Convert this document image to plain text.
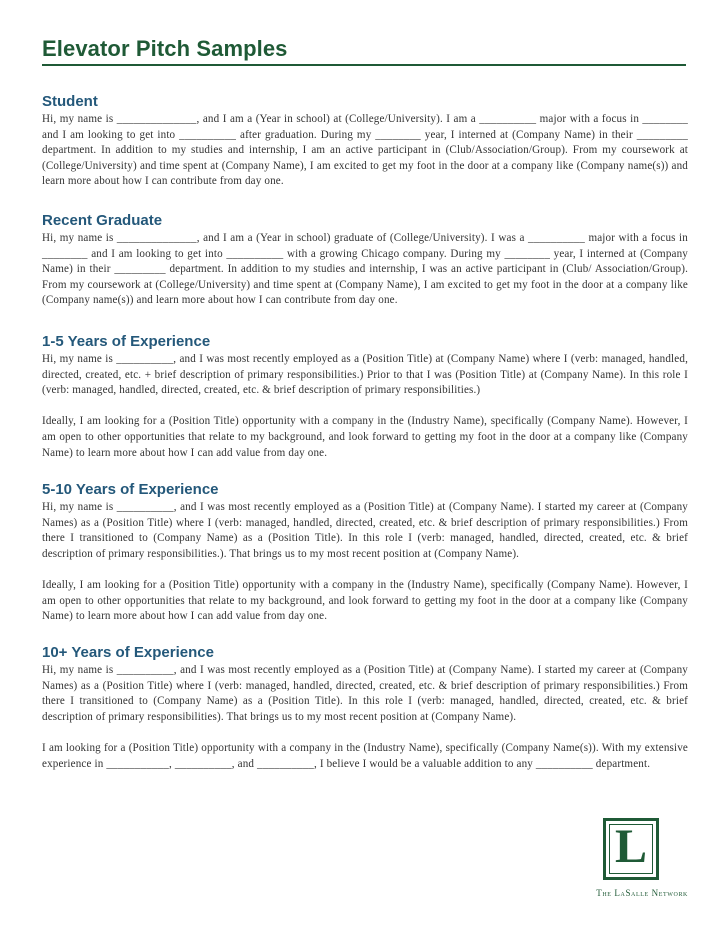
Elevator Pitch Samples
Student

Hi, my name is ______________, and I am a (Year in school) at (College/University). I am a __________ major with a focus in ________ and I am looking to get into __________ after graduation. During my ________ year, I interned at (Company Name) in their _________ department. In addition to my studies and internship, I am an active participant in (Club/Association/Group). From my coursework at (College/University) and time spent at (Company Name), I am excited to get my foot in the door at a company like (Company name(s)) and learn more about how I can contribute from day one.

Recent Graduate

Hi, my name is ______________, and I am a (Year in school) graduate of (College/University). I was a __________ major with a focus in ________ and I am looking to get into __________ with a growing Chicago company. During my ________ year, I interned at (Company Name) in their _________ department. In addition to my studies and internship, I was an active participant in (Club/ Association/Group). From my coursework at (College/University) and time spent at (Company Name), I am excited to get my foot in the door at a company like (Company name(s)) and learn more about how I can contribute from day one.

1-5 Years of Experience

Hi, my name is __________, and I was most recently employed as a (Position Title) at (Company Name) where I (verb: managed, handled, directed, created, etc. + brief description of primary responsibilities.) Prior to that I was (Position Title) at (Company Name). In this role I (verb: managed, handled, directed, created, etc. & brief description of primary responsibilities.)

Ideally, I am looking for a (Position Title) opportunity with a company in the (Industry Name), specifically (Company Name). However, I am open to other opportunities that relate to my background, and look forward to getting my foot in the door at a company like (Company Name) to learn more about how I can add value from day one.

5-10 Years of Experience

Hi, my name is __________, and I was most recently employed as a (Position Title) at (Company Name). I started my career at (Company Names) as a (Position Title) where I (verb: managed, handled, directed, created, etc. & brief description of primary responsibilities.) From there I transitioned to (Company Name) as a (Position Title). In this role I (verb: managed, handled, directed, created, etc. & brief description of primary responsibilities.). That brings us to my most recent position at (Company Name).

Ideally, I am looking for a (Position Title) opportunity with a company in the (Industry Name), specifically (Company Name). However, I am open to other opportunities that relate to my background, and look forward to getting my foot in the door at a company like (Company Name) to learn more about how I can add value from day one.

10+ Years of Experience

Hi, my name is __________, and I was most recently employed as a (Position Title) at (Company Name). I started my career at (Company Names) as a (Position Title) where I (verb: managed, handled, directed, created, etc. & brief description of primary responsibilities.) From there I transitioned to (Company Name) as a (Position Title). In this role I (verb: managed, handled, directed, created, etc. & brief description of primary responsibilities). That brings us to my most recent position at (Company Name).

I am looking for a (Position Title) opportunity with a company in the (Industry Name), specifically (Company Name(s)). With my extensive experience in ___________, __________, and __________, I believe I would be a valuable addition to any __________ department.

L
The LaSalle Network
